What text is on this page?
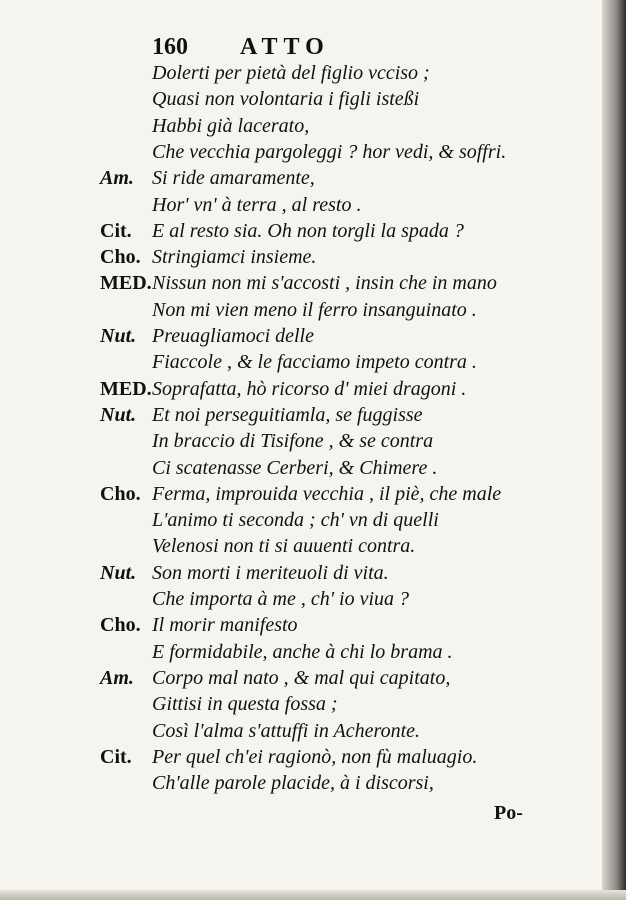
160 ATTO
Dolerti per pietà del figlio vcciso ;
Quasi non volontaria i figli isteßi
Habbi già lacerato,
Che vecchia pargoleggi ? hor vedi, & soffri.
Am. Si ride amaramente,
Hor' vn' à terra , al resto .
Cit. E al resto sia. Oh non torgli la spada ?
Cho. Stringiamci insieme.
MED. Nissun non mi s'accosti , insin che in mano
Non mi vien meno il ferro insanguinato .
Nut. Preuagliamoci delle
Fiaccole , & le facciamo impeto contra .
MED. Soprafatta, hò ricorso d' miei dragoni .
Nut. Et noi perseguitiamla, se fuggisse
In braccio di Tisifone , & se contra
Ci scatenasse Cerberi, & Chimere .
Cho. Ferma, improuida vecchia , il piè, che male
L'animo ti seconda ; ch' vn di quelli
Velenosi non ti si auuenti contra.
Nut. Son morti i meriteuoli di vita.
Che importa à me , ch' io viua ?
Cho. Il morir manifesto
E formidabile, anche à chi lo brama .
Am. Corpo mal nato , & mal qui capitato,
Gittisi in questa fossa ;
Così l'alma s'attuffi in Acheronte.
Cit. Per quel ch'ei ragionò, non fù maluagio.
Ch'alle parole placide, à i discorsi,
Po-
